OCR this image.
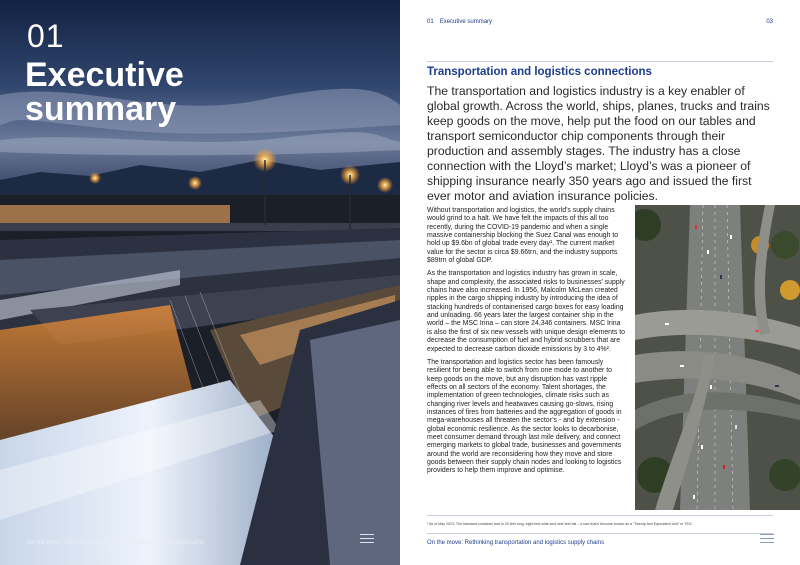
01
Executive summary
On the move: Rethinking transportation and logistics supply chains
01 Executive summary	03
Transportation and logistics connections

The transportation and logistics industry is a key enabler of global growth. Across the world, ships, planes, trucks and trains keep goods on the move, help put the food on our tables and transport semiconductor chip components through their production and assembly stages. The industry has a close connection with the Lloyd’s market; Lloyd’s was a pioneer of shipping insurance nearly 350 years ago and issued the first ever motor and aviation insurance policies.

Without transportation and logistics, the world’s supply chains would grind to a halt. We have felt the impacts of this all too recently, during the COVID-19 pandemic and when a single massive containership blocking the Suez Canal was enough to hold up $9.6bn of global trade every day¹. The current market value for the sector is circa $9.66trn, and the industry supports $89trn of global GDP.

As the transportation and logistics industry has grown in scale, shape and complexity, the associated risks to businesses’ supply chains have also increased. In 1956, Malcolm McLean created ripples in the cargo shipping industry by introducing the idea of stacking hundreds of containerised cargo boxes for easy loading and unloading. 66 years later the largest container ship in the world – the MSC Irina – can store 24,346 containers. MSC Irina is also the first of six new vessels with unique design elements to decrease the consumption of fuel and hybrid scrubbers that are expected to decrease carbon dioxide emissions by 3 to 4%².

The transportation and logistics sector has been famously resilient for being able to switch from one mode to another to keep goods on the move, but any disruption has vast ripple effects on all sectors of the economy. Talent shortages, the implementation of green technologies, climate risks such as changing river levels and heatwaves causing go-slows, rising instances of fires from batteries and the aggregation of goods in mega-warehouses all threaten the sector’s - and by extension - global economic resilience. As the sector looks to decarbonise, meet consumer demand through last mile delivery, and connect emerging markets to global trade, businesses and governments around the world are reconsidering how they move and store goods between their supply chain nodes and looking to logistics providers to help them improve and optimise.

¹ As of May 2023. The standard container size is 20 feet long, eight feet wide and nine feet tall – a size that’s become known as a “Twenty-foot Equivalent Unit” or TEU.
On the move: Rethinking transportation and logistics supply chains
